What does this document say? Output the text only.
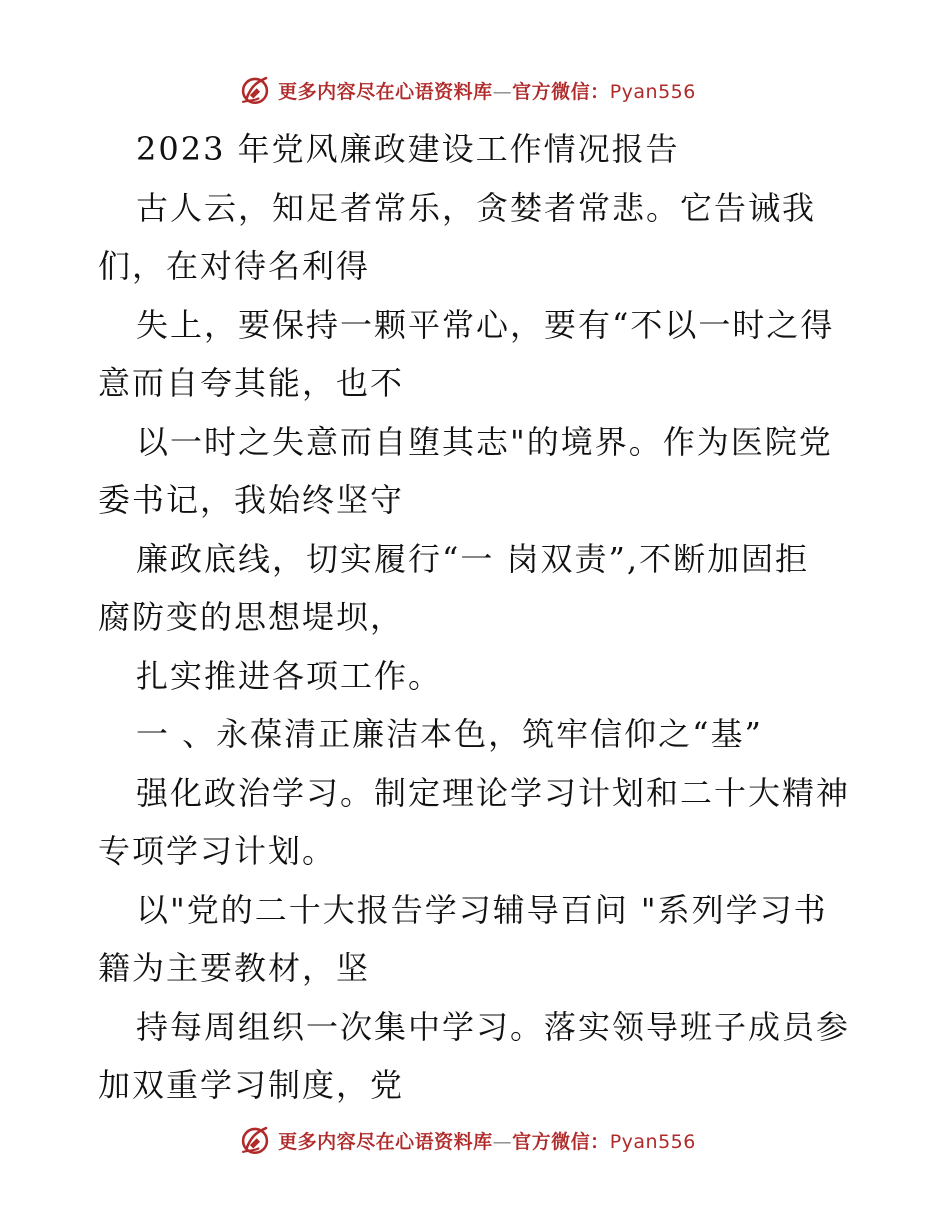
更多内容尽在心语资料库—官方微信：Pyan556
2023 年党风廉政建设工作情况报告
古人云，知足者常乐，贪婪者常悲。它告诫我
们，在对待名利得
失上，要保持一颗平常心，要有“不以一时之得
意而自夸其能，也不
以一时之失意而自堕其志"的境界。作为医院党
委书记，我始终坚守
廉政底线，切实履行“一 岗双责”,不断加固拒
腐防变的思想堤坝，
扎实推进各项工作。
一 、永葆清正廉洁本色，筑牢信仰之“基”
强化政治学习。制定理论学习计划和二十大精神
专项学习计划。
以"党的二十大报告学习辅导百问 "系列学习书
籍为主要教材，坚
持每周组织一次集中学习。落实领导班子成员参
加双重学习制度，党
更多内容尽在心语资料库—官方微信：Pyan556
